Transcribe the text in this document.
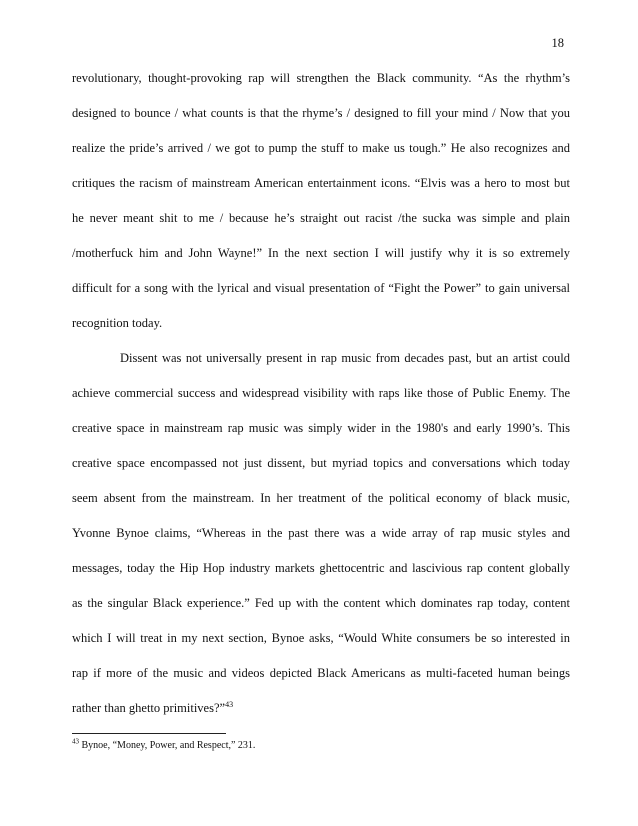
18
revolutionary, thought-provoking rap will strengthen the Black community. “As the rhythm’s
designed to bounce / what counts is that the rhyme’s / designed to fill your mind / Now that you
realize the pride’s arrived / we got to pump the stuff to make us tough.” He also recognizes and
critiques the racism of mainstream American entertainment icons. “Elvis was a hero to most but
he never meant shit to me / because he’s straight out racist /the sucka was simple and plain
/motherfuck him and John Wayne!” In the next section I will justify why it is so extremely
difficult for a song with the lyrical and visual presentation of “Fight the Power” to gain universal
recognition today.
Dissent was not universally present in rap music from decades past, but an artist could
achieve commercial success and widespread visibility with raps like those of Public Enemy. The
creative space in mainstream rap music was simply wider in the 1980's and early 1990’s. This
creative space encompassed not just dissent, but myriad topics and conversations which today
seem absent from the mainstream. In her treatment of the political economy of black music,
Yvonne Bynoe claims, “Whereas in the past there was a wide array of rap music styles and
messages, today the Hip Hop industry markets ghettocentric and lascivious rap content globally
as the singular Black experience.” Fed up with the content which dominates rap today, content
which I will treat in my next section, Bynoe asks, “Would White consumers be so interested in
rap if more of the music and videos depicted Black Americans as multi-faceted human beings
rather than ghetto primitives?”$^{43}$
$^{43}$ Bynoe, “Money, Power, and Respect,” 231.
